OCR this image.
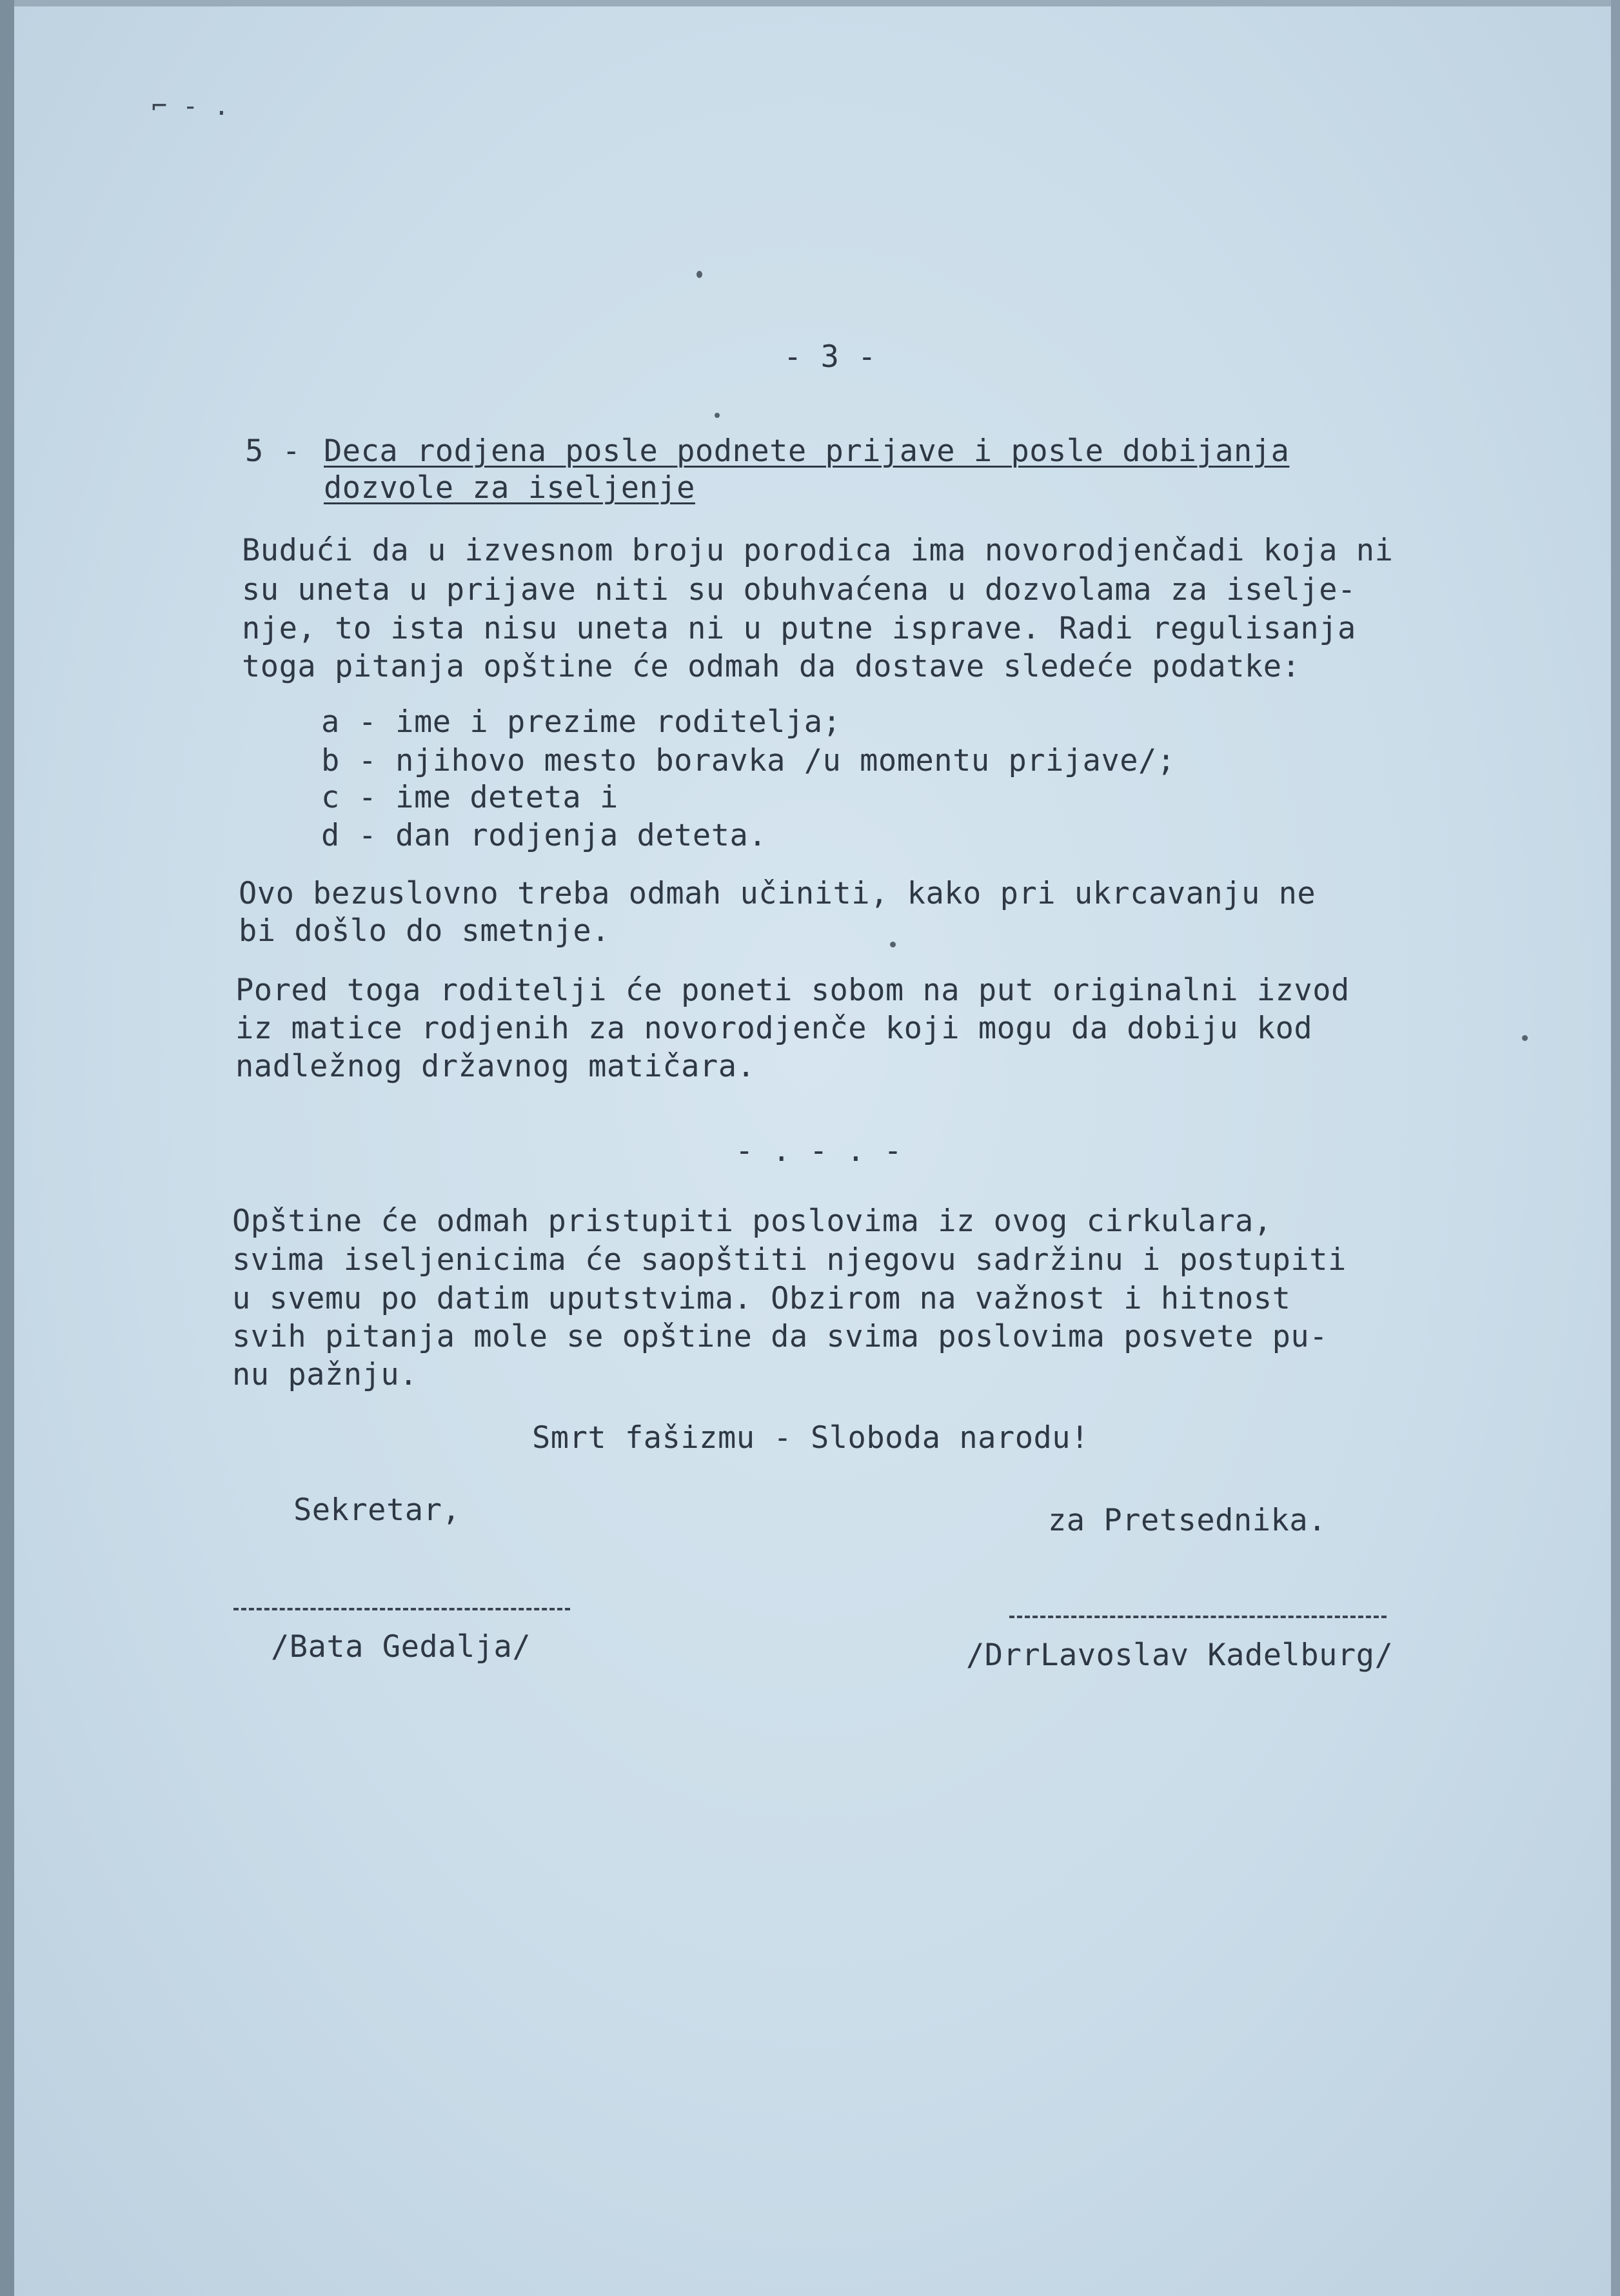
⌐ - .
- 3 -
5 - Deca rodjena posle podnete prijave i posle dobijanja
dozvole za iseljenje
Budući da u izvesnom broju porodica ima novorodjenčadi koja ni
su uneta u prijave niti su obuhvaćena u dozvolama za iselje-
nje, to ista nisu uneta ni u putne isprave. Radi regulisanja
toga pitanja opštine će odmah da dostave sledeće podatke:
a - ime i prezime roditelja;
b - njihovo mesto boravka /u momentu prijave/;
c - ime deteta i
d - dan rodjenja deteta.
Ovo bezuslovno treba odmah učiniti, kako pri ukrcavanju ne
bi došlo do smetnje.
Pored toga roditelji će poneti sobom na put originalni izvod
iz matice rodjenih za novorodjenče koji mogu da dobiju kod
nadležnog državnog matičara.
- . - . -
Opštine će odmah pristupiti poslovima iz ovog cirkulara,
svima iseljenicima će saopštiti njegovu sadržinu i postupiti
u svemu po datim uputstvima. Obzirom na važnost i hitnost
svih pitanja mole se opštine da svima poslovima posvete pu-
nu pažnju.
Smrt fašizmu - Sloboda narodu!
Sekretar,	za Pretsednika.
/Bata Gedalja/	/DrrLavoslav Kadelburg/
